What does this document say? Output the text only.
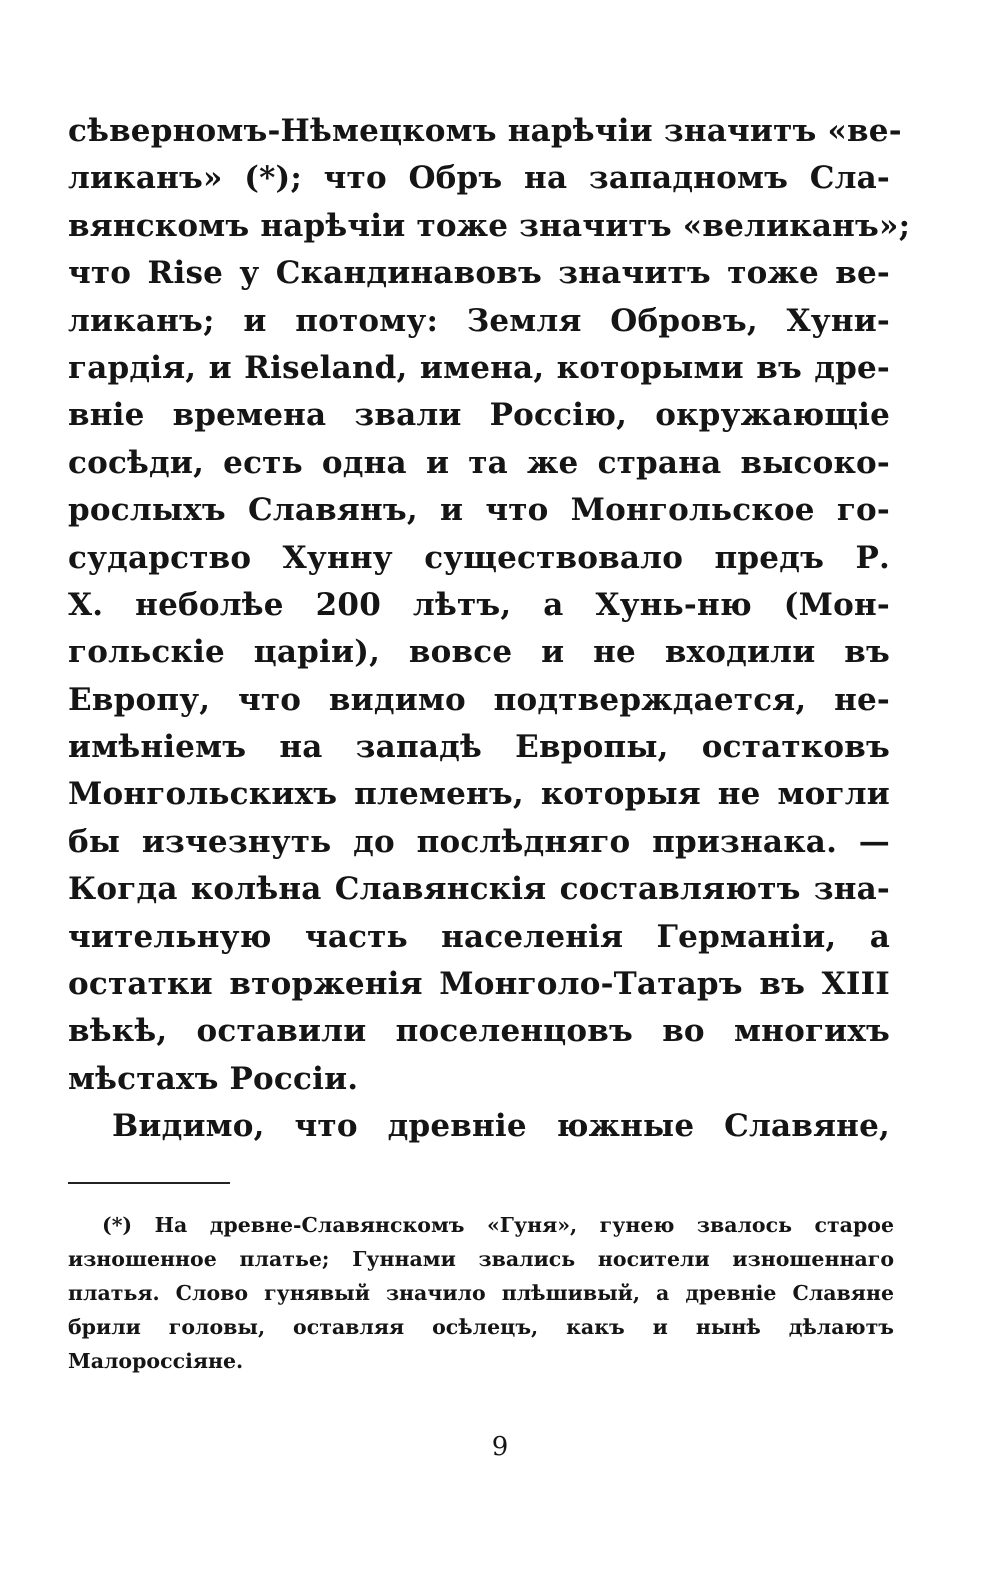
сѣверномъ-Нѣмецкомъ нарѣчіи значитъ «ве-
ликанъ» (*); что Обръ на западномъ Сла-
вянскомъ нарѣчіи тоже значитъ «великанъ»;
что Rise у Скандинавовъ значитъ тоже ве-
ликанъ; и потому: Земля Обровъ, Хуни-
гардія, и Riseland, имена, которыми въ дре-
вніе времена звали Россію, окружающіе
сосѣди, есть одна и та же страна высоко-
рослыхъ Славянъ, и что Монгольское го-
сударство Хунну существовало предъ Р.
Х. неболѣе 200 лѣтъ, а Хунь-ню (Мон-
гольскіе царіи), вовсе и не входили въ
Европу, что видимо подтверждается, не-
имѣніемъ на западѣ Европы, остатковъ
Монгольскихъ племенъ, которыя не могли
бы изчезнуть до послѣдняго признака. —
Когда колѣна Славянскія составляютъ зна-
чительную часть населенія Германіи, а
остатки вторженія Монголо-Татаръ въ XIII
вѣкѣ, оставили поселенцовъ во многихъ
мѣстахъ Россіи.
Видимо, что древніе южные Славяне,
(*) На древне-Славянскомъ «Гуня», гунею звалось старое
изношенное платье; Гуннами звались носители изношеннаго
платья. Слово гунявый значило плѣшивый, а древніе Славяне
брили головы, оставляя осѣлецъ, какъ и нынѣ дѣлаютъ
Малороссіяне.
9
